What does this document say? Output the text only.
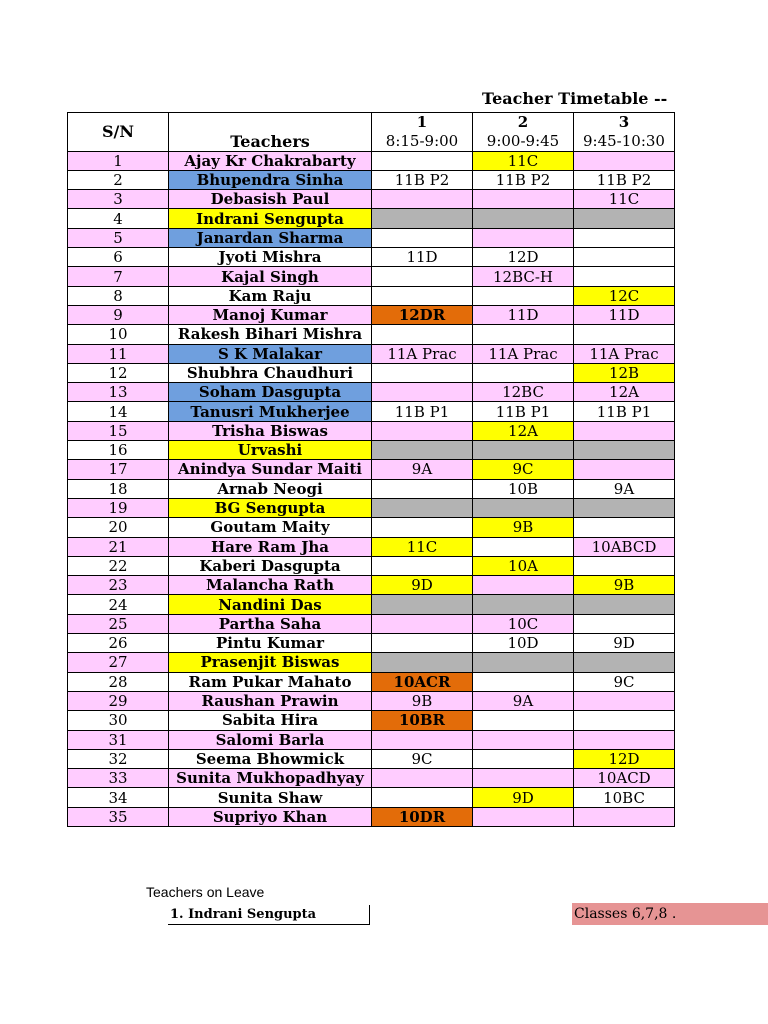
Teacher Timetable --
S/N	Teachers	1	2	3
		8:15-9:00	9:00-9:45	9:45-10:30
1	Ajay Kr Chakrabarty		11C	
2	Bhupendra Sinha	11B P2	11B P2	11B P2
3	Debasish Paul			11C
4	Indrani Sengupta			
5	Janardan Sharma			
6	Jyoti Mishra	11D	12D	
7	Kajal Singh		12BC-H	
8	Kam Raju			12C
9	Manoj Kumar	12DR	11D	11D
10	Rakesh Bihari Mishra			
11	S K Malakar	11A Prac	11A Prac	11A Prac
12	Shubhra Chaudhuri			12B
13	Soham Dasgupta		12BC	12A
14	Tanusri Mukherjee	11B P1	11B P1	11B P1
15	Trisha Biswas		12A	
16	Urvashi			
17	Anindya Sundar Maiti	9A	9C	
18	Arnab Neogi		10B	9A
19	BG Sengupta			
20	Goutam Maity		9B	
21	Hare Ram Jha	11C		10ABCD
22	Kaberi Dasgupta		10A	
23	Malancha Rath	9D		9B
24	Nandini Das			
25	Partha Saha		10C	
26	Pintu Kumar		10D	9D
27	Prasenjit Biswas			
28	Ram Pukar Mahato	10ACR		9C
29	Raushan Prawin	9B	9A	
30	Sabita Hira	10BR		
31	Salomi Barla			
32	Seema Bhowmick	9C		12D
33	Sunita Mukhopadhyay			10ACD
34	Sunita Shaw		9D	10BC
35	Supriyo Khan	10DR		
Teachers on Leave
1. Indrani Sengupta	Classes 6,7,8 .
